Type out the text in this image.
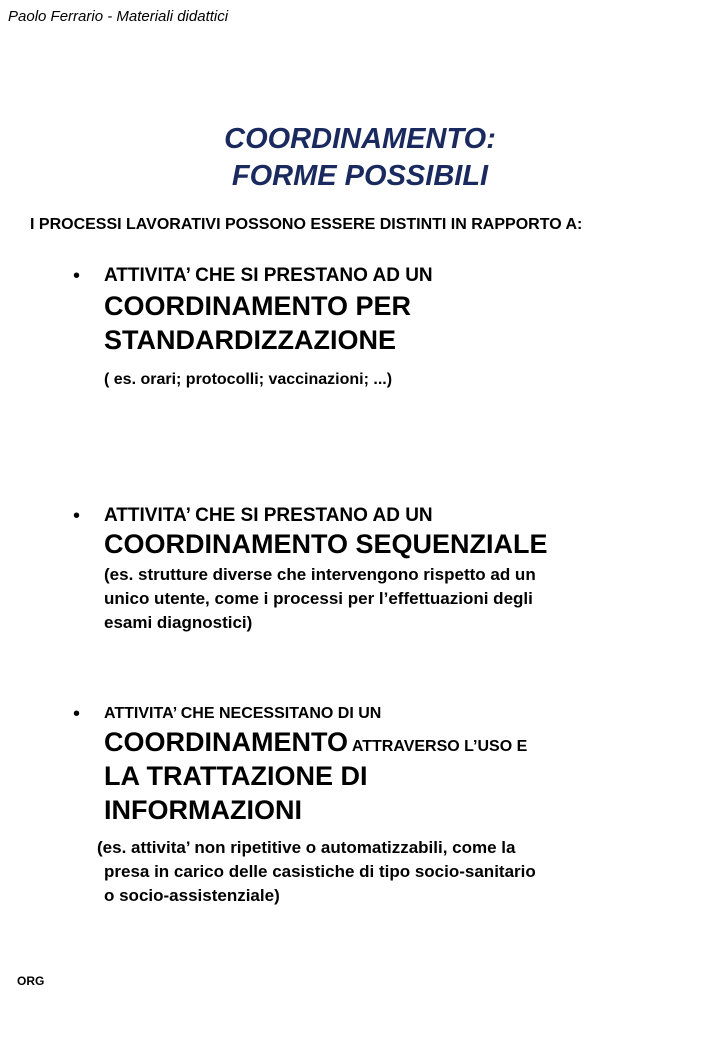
Paolo Ferrario - Materiali didattici
COORDINAMENTO:
FORME POSSIBILI
I PROCESSI LAVORATIVI POSSONO ESSERE DISTINTI IN RAPPORTO A:
• ATTIVITA’ CHE SI PRESTANO AD UN
COORDINAMENTO PER
STANDARDIZZAZIONE
( es. orari; protocolli; vaccinazioni; ...)
• ATTIVITA’ CHE SI PRESTANO AD UN
COORDINAMENTO SEQUENZIALE
(es. strutture diverse che intervengono rispetto ad un
unico utente, come i processi per l’effettuazioni degli
esami diagnostici)
• ATTIVITA’ CHE NECESSITANO DI UN
COORDINAMENTO ATTRAVERSO L’USO E
LA TRATTAZIONE DI
INFORMAZIONI
(es. attivita’ non ripetitive o automatizzabili, come la
presa in carico delle casistiche di tipo socio-sanitario
o socio-assistenziale)
ORG
